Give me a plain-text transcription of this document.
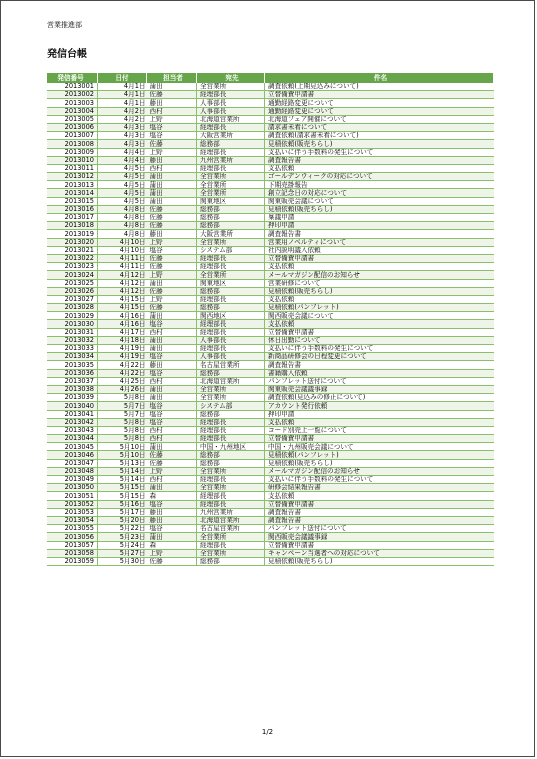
営業推進部
発信台帳
発信番号	日付	担当者	宛先	件名
2013001	4月1日	蒲田	全営業所	調査依頼(上期見込みについて)
2013002	4月1日	佐藤	経理部長	立替備費申請書
2013003	4月1日	藤田	人事部長	通勤経路変更について
2013004	4月2日	西村	人事部長	通勤経路変更について
2013005	4月2日	上野	北海道営業所	北海道フェア開催について
2013006	4月3日	塩谷	経理部長	請求書未着について
2013007	4月3日	塩谷	大阪営業所	調査依頼(請求書未着について)
2013008	4月3日	佐藤	総務部	見積依頼(販売ちらし)
2013009	4月4日	上野	経理部長	支払いに伴う手数料の発生について
2013010	4月4日	藤田	九州営業所	調査報告書
2013011	4月5日	西村	経理部長	支払依頼
2013012	4月5日	蒲田	全営業所	ゴールデンウィークの対応について
2013013	4月5日	蒲田	全営業所	下期売掛報告
2013014	4月5日	蒲田	全営業所	創立記念日の対応について
2013015	4月5日	蒲田	関東地区	関東販売会議について
2013016	4月8日	佐藤	総務部	見積依頼(販売ちらし)
2013017	4月8日	佐藤	総務部	稟議申請
2013018	4月8日	佐藤	総務部	押印申請
2013019	4月8日	藤田	大阪営業所	調査報告書
2013020	4月10日	上野	全営業所	営業用ノベルティについて
2013021	4月10日	塩谷	システム部	社内説明議入依頼
2013022	4月11日	佐藤	経理部長	立替備費申請書
2013023	4月11日	佐藤	経理部長	支払依頼
2013024	4月12日	上野	全営業所	メールマガジン配信のお知らせ
2013025	4月12日	蒲田	関東地区	営業研修について
2013026	4月12日	佐藤	総務部	見積依頼(販売ちらし)
2013027	4月15日	上野	経理部長	支払依頼
2013028	4月15日	佐藤	総務部	見積依頼(パンフレット)
2013029	4月16日	蒲田	関西地区	関西販売会議について
2013030	4月16日	塩谷	経理部長	支払依頼
2013031	4月17日	西村	経理部長	立替備費申請書
2013032	4月18日	蒲田	人事部長	休日出勤について
2013033	4月19日	蒲田	経理部長	支払いに伴う手数料の発生について
2013034	4月19日	塩谷	人事部長	新商品研修会の日程変更について
2013035	4月22日	藤田	名古屋営業所	調査報告書
2013036	4月22日	塩谷	総務部	書籍購入依頼
2013037	4月25日	西村	北海道営業所	パンフレット送付について
2013038	4月26日	蒲田	全営業所	関東販売会議議事録
2013039	5月8日	蒲田	全営業所	調査依頼(見込みの修正について)
2013040	5月7日	塩谷	システム部	アカウント発行依頼
2013041	5月7日	塩谷	総務部	押印申請
2013042	5月8日	塩谷	経理部長	支払依頼
2013043	5月8日	西村	経理部長	コード別売上一覧について
2013044	5月8日	西村	経理部長	立替備費申請書
2013045	5月10日	蒲田	中国・九州地区	中国・九州販売会議について
2013046	5月10日	佐藤	総務部	見積依頼(パンフレット)
2013047	5月13日	佐藤	総務部	見積依頼(販売ちらし)
2013048	5月14日	上野	全営業所	メールマガジン配信のお知らせ
2013049	5月14日	西村	経理部長	支払いに伴う手数料の発生について
2013050	5月15日	蒲田	全営業所	研修会結果報告書
2013051	5月15日	森	経理部長	支払依頼
2013052	5月16日	塩谷	経理部長	立替備費申請書
2013053	5月17日	藤田	九州営業所	調査報告書
2013054	5月20日	藤田	北海道営業所	調査報告書
2013055	5月22日	塩谷	名古屋営業所	パンフレット送付について
2013056	5月23日	蒲田	全営業所	関西販売会議議事録
2013057	5月24日	森	経理部長	立替備費申請書
2013058	5月27日	上野	全営業所	キャンペーン当選者への対応について
2013059	5月30日	佐藤	総務部	見積依頼(販売ちらし)
1/2
